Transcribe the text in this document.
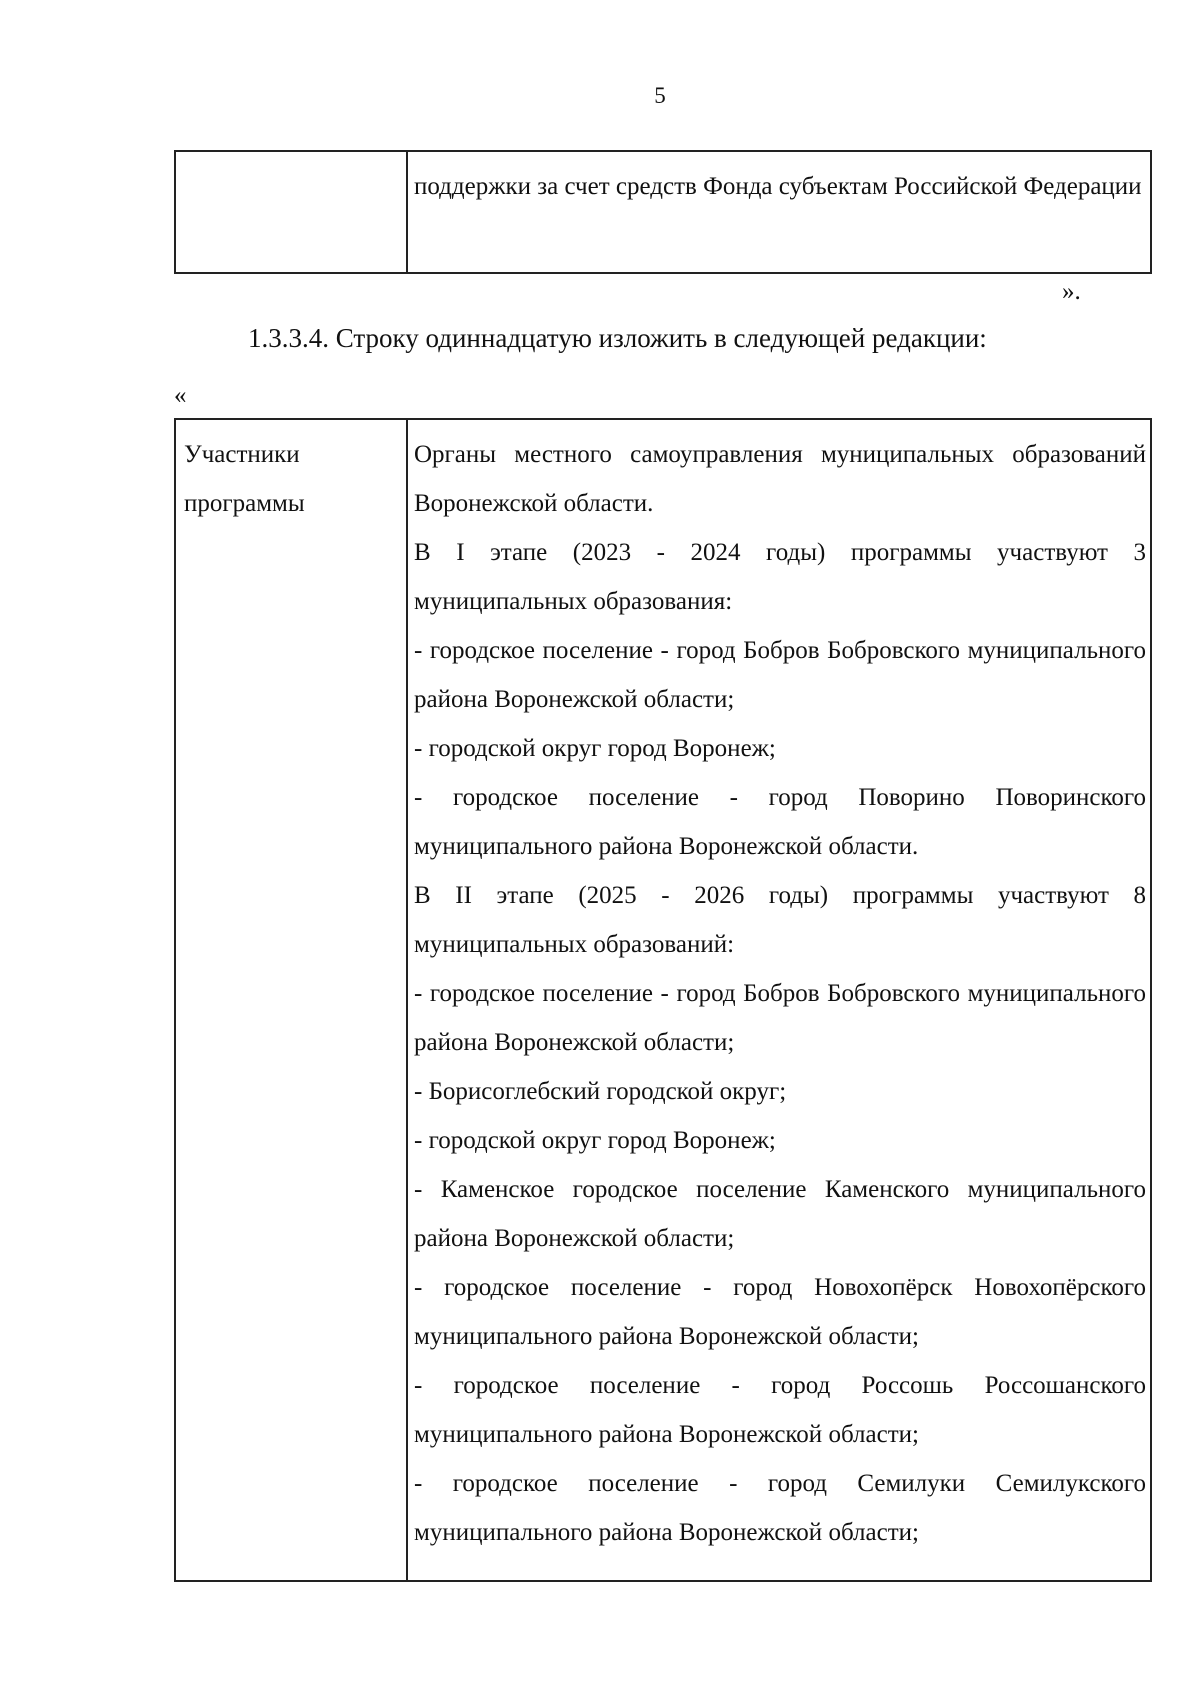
5
поддержки за счет средств Фонда субъектам Российской Федерации
».
1.3.3.4. Строку одиннадцатую изложить в следующей редакции:
«
Участники программы
Органы местного самоуправления муниципальных образований Воронежской области.
В I этапе (2023 - 2024 годы) программы участвуют 3 муниципальных образования:
- городское поселение - город Бобров Бобровского муниципального района Воронежской области;
- городской округ город Воронеж;
- городское поселение - город Поворино Поворинского муниципального района Воронежской области.
В II этапе (2025 - 2026 годы) программы участвуют 8 муниципальных образований:
- городское поселение - город Бобров Бобровского муниципального района Воронежской области;
- Борисоглебский городской округ;
- городской округ город Воронеж;
- Каменское городское поселение Каменского муниципального района Воронежской области;
- городское поселение - город Новохопёрск Новохопёрского муниципального района Воронежской области;
- городское поселение - город Россошь Россошанского муниципального района Воронежской области;
- городское поселение - город Семилуки Семилукского муниципального района Воронежской области;
